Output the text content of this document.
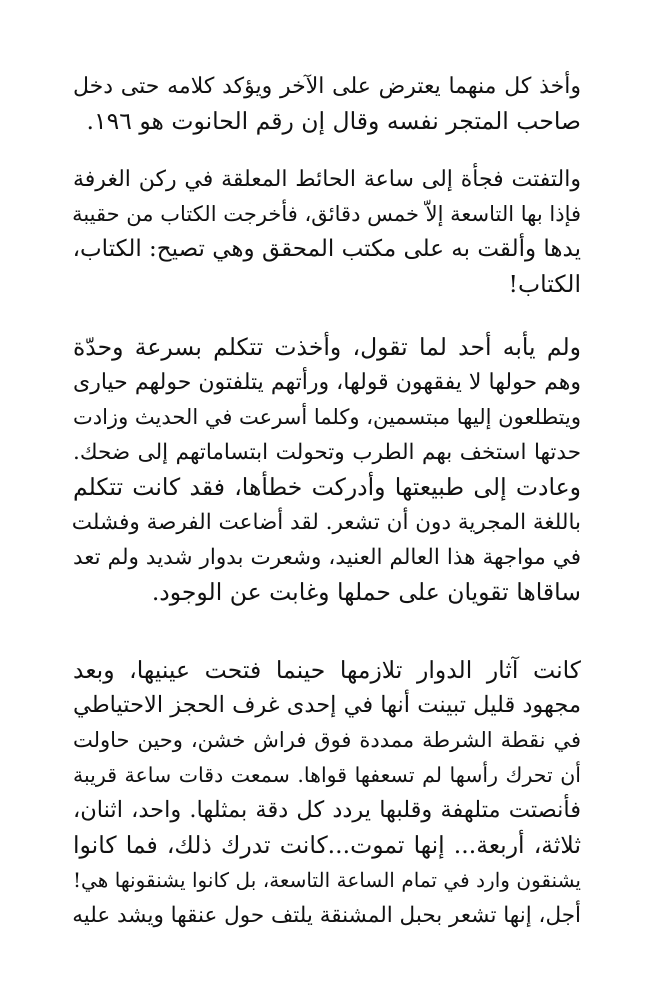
وأخذ كل منهما يعترض على الآخر ويؤكد كلامه حتى دخل
صاحب المتجر نفسه وقال إن رقم الحانوت هو ١٩٦.
والتفتت فجأة إلى ساعة الحائط المعلقة في ركن الغرفة
فإذا بها التاسعة إلاّ خمس دقائق، فأخرجت الكتاب من حقيبة
يدها وألقت به على مكتب المحقق وهي تصيح: الكتاب،
الكتاب!
ولم يأبه أحد لما تقول، وأخذت تتكلم بسرعة وحدّة
وهم حولها لا يفقهون قولها، ورأتهم يتلفتون حولهم حيارى
ويتطلعون إليها مبتسمين، وكلما أسرعت في الحديث وزادت
حدتها استخف بهم الطرب وتحولت ابتساماتهم إلى ضحك.
وعادت إلى طبيعتها وأدركت خطأها، فقد كانت تتكلم
باللغة المجرية دون أن تشعر. لقد أضاعت الفرصة وفشلت
في مواجهة هذا العالم العنيد، وشعرت بدوار شديد ولم تعد
ساقاها تقويان على حملها وغابت عن الوجود.
كانت آثار الدوار تلازمها حينما فتحت عينيها، وبعد
مجهود قليل تبينت أنها في إحدى غرف الحجز الاحتياطي
في نقطة الشرطة ممددة فوق فراش خشن، وحين حاولت
أن تحرك رأسها لم تسعفها قواها. سمعت دقات ساعة قريبة
فأنصتت متلهفة وقلبها يردد كل دقة بمثلها. واحد، اثنان،
ثلاثة، أربعة... إنها تموت...كانت تدرك ذلك، فما كانوا
يشنقون وارد في تمام الساعة التاسعة، بل كانوا يشنقونها هي!
أجل، إنها تشعر بحبل المشنقة يلتف حول عنقها ويشد عليه
